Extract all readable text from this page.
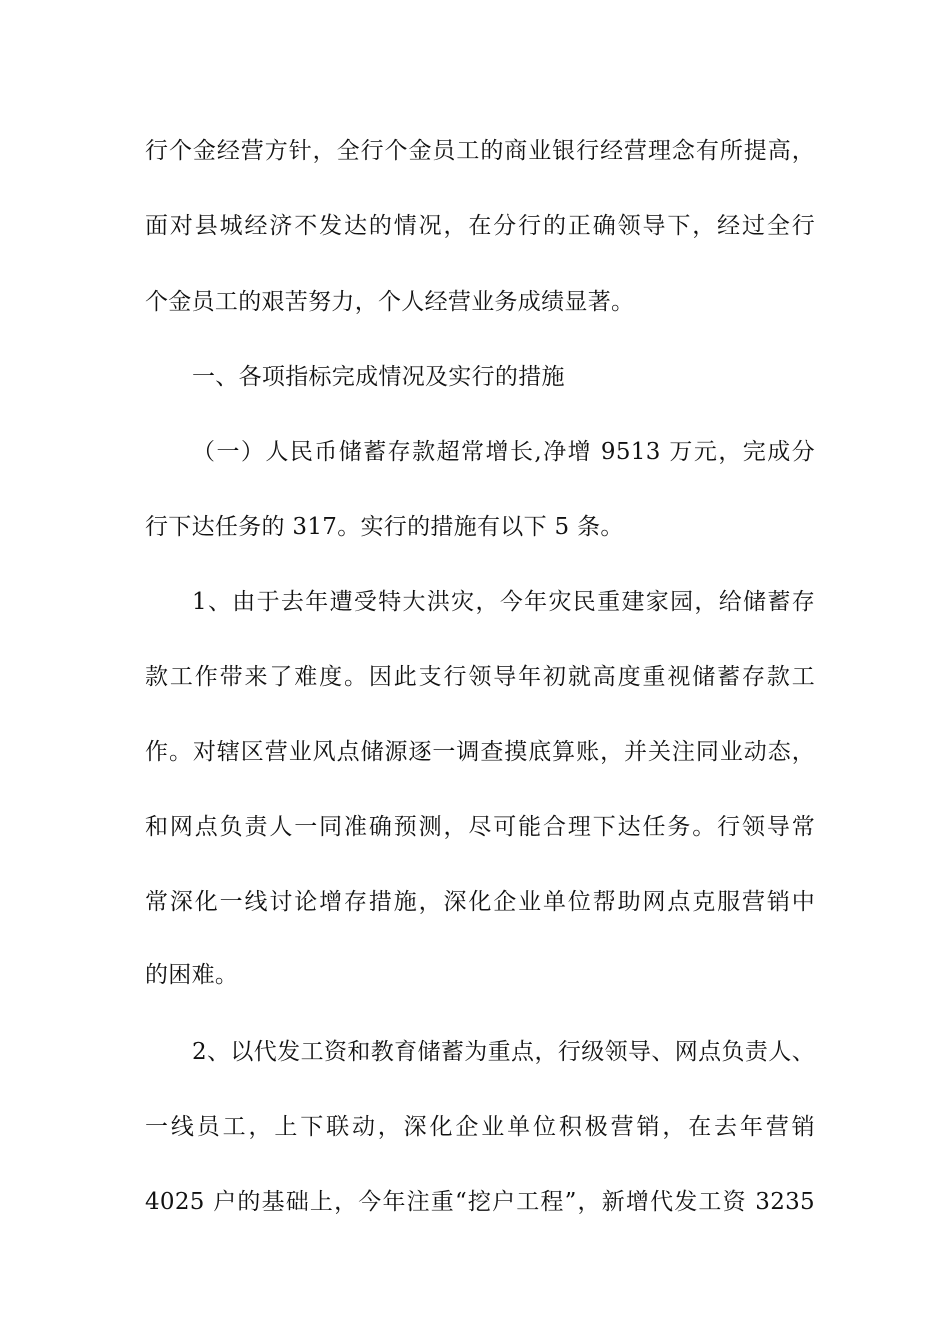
行个金经营方针，全行个金员工的商业银行经营理念有所提高，
面对县城经济不发达的情况，在分行的正确领导下，经过全行
个金员工的艰苦努力，个人经营业务成绩显著。
一、各项指标完成情况及实行的措施
（一）人民币储蓄存款超常增长,净增 9513 万元，完成分
行下达任务的 317。实行的措施有以下 5 条。
1、由于去年遭受特大洪灾，今年灾民重建家园，给储蓄存
款工作带来了难度。因此支行领导年初就高度重视储蓄存款工
作。对辖区营业风点储源逐一调查摸底算账，并关注同业动态，
和网点负责人一同准确预测，尽可能合理下达任务。行领导常
常深化一线讨论增存措施，深化企业单位帮助网点克服营销中
的困难。
2、以代发工资和教育储蓄为重点，行级领导、网点负责人、
一线员工，上下联动，深化企业单位积极营销，在去年营销
4025 户的基础上，今年注重“挖户工程”，新增代发工资 3235
